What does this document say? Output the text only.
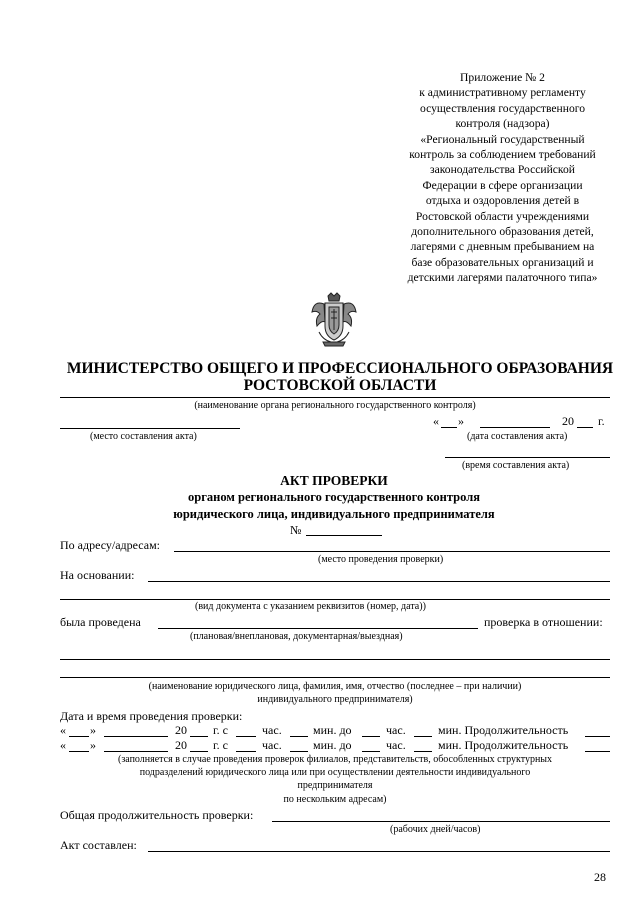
Приложение № 2
к административному регламенту
осуществления государственного
контроля (надзора)
«Региональный государственный
контроль за соблюдением требований
законодательства Российской
Федерации в сфере организации
отдыха и оздоровления детей в
Ростовской области учреждениями
дополнительного образования детей,
лагерями с дневным пребыванием на
базе образовательных организаций и
детскими лагерями палаточного типа»
МИНИСТЕРСТВО ОБЩЕГО И ПРОФЕССИОНАЛЬНОГО ОБРАЗОВАНИЯ
РОСТОВСКОЙ ОБЛАСТИ
(наименование органа регионального государственного контроля)
(место составления акта)
« »	20 г.
(дата составления акта)
(время составления акта)
АКТ ПРОВЕРКИ
органом регионального государственного контроля
юридического лица, индивидуального предпринимателя
№
По адресу/адресам:
(место проведения проверки)
На основании:
(вид документа с указанием реквизитов (номер, дата))
была проведена	проверка в отношении:
(плановая/внеплановая, документарная/выездная)
(наименование юридического лица, фамилия, имя, отчество (последнее – при наличии)
индивидуального предпринимателя)
Дата и время проведения проверки:
« »	20 г. с	час.	мин. до	час.	мин. Продолжительность
« »	20 г. с	час.	мин. до	час.	мин. Продолжительность
(заполняется в случае проведения проверок филиалов, представительств, обособленных структурных
подразделений юридического лица или при осуществлении деятельности индивидуального
предпринимателя
по нескольким адресам)
Общая продолжительность проверки:
(рабочих дней/часов)
Акт составлен:
28
